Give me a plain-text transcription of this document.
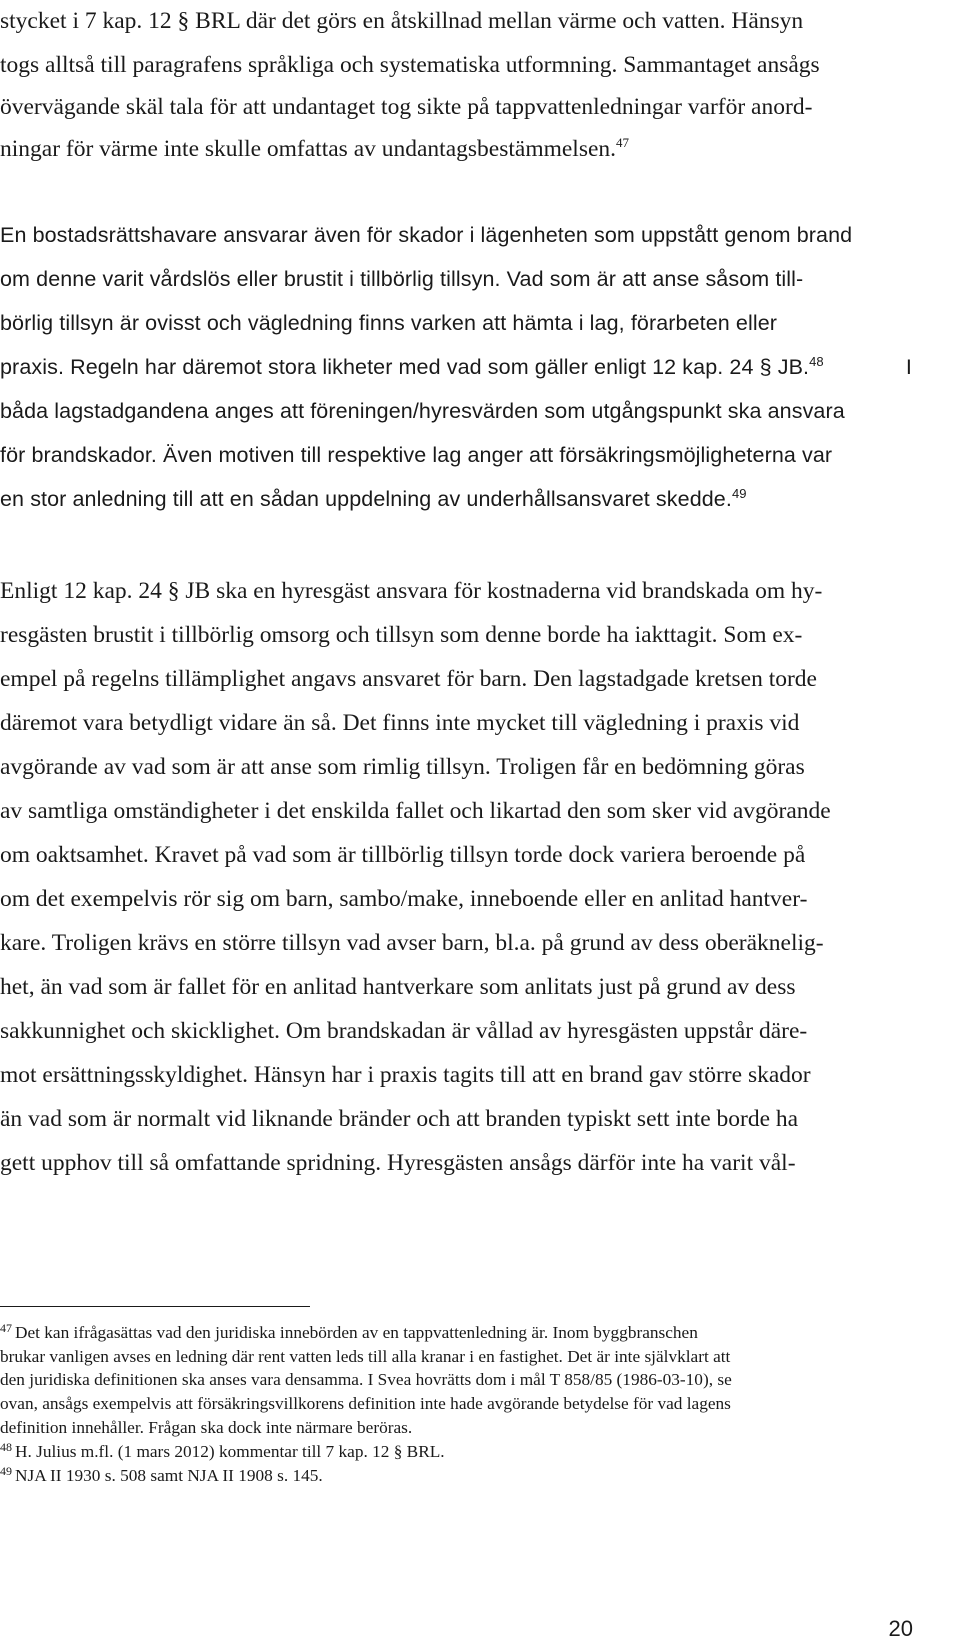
stycket i 7 kap. 12 § BRL där det görs en åtskillnad mellan värme och vatten. Hänsyn
togs alltså till paragrafens språkliga och systematiska utformning. Sammantaget ansågs
övervägande skäl tala för att undantaget tog sikte på tappvattenledningar varför anord-
ningar för värme inte skulle omfattas av undantagsbestämmelsen.$^{47}$
En bostadsrättshavare ansvarar även för skador i lägenheten som uppstått genom brand
om denne varit vårdslös eller brustit i tillbörlig tillsyn. Vad som är att anse såsom till-
börlig tillsyn är ovisst och vägledning finns varken att hämta i lag, förarbeten eller
praxis. Regeln har däremot stora likheter med vad som gäller enligt 12 kap. 24 § JB.$^{48}$	I
båda lagstadgandena anges att föreningen/hyresvärden som utgångspunkt ska ansvara
för brandskador. Även motiven till respektive lag anger att försäkringsmöjligheterna var
en stor anledning till att en sådan uppdelning av underhållsansvaret skedde.$^{49}$
Enligt 12 kap. 24 § JB ska en hyresgäst ansvara för kostnaderna vid brandskada om hy-
resgästen brustit i tillbörlig omsorg och tillsyn som denne borde ha iakttagit. Som ex-
empel på regelns tillämplighet angavs ansvaret för barn. Den lagstadgade kretsen torde
däremot vara betydligt vidare än så. Det finns inte mycket till vägledning i praxis vid
avgörande av vad som är att anse som rimlig tillsyn. Troligen får en bedömning göras
av samtliga omständigheter i det enskilda fallet och likartad den som sker vid avgörande
om oaktsamhet. Kravet på vad som är tillbörlig tillsyn torde dock variera beroende på
om det exempelvis rör sig om barn, sambo/make, inneboende eller en anlitad hantver-
kare. Troligen krävs en större tillsyn vad avser barn, bl.a. på grund av dess oberäknelig-
het, än vad som är fallet för en anlitad hantverkare som anlitats just på grund av dess
sakkunnighet och skicklighet. Om brandskadan är vållad av hyresgästen uppstår däre-
mot ersättningsskyldighet. Hänsyn har i praxis tagits till att en brand gav större skador
än vad som är normalt vid liknande bränder och att branden typiskt sett inte borde ha
gett upphov till så omfattande spridning. Hyresgästen ansågs därför inte ha varit vål-
$^{47}$ Det kan ifrågasättas vad den juridiska innebörden av en tappvattenledning är. Inom byggbranschen
brukar vanligen avses en ledning där rent vatten leds till alla kranar i en fastighet. Det är inte självklart att
den juridiska definitionen ska anses vara densamma. I Svea hovrätts dom i mål T 858/85 (1986-03-10), se
ovan, ansågs exempelvis att försäkringsvillkorens definition inte hade avgörande betydelse för vad lagens
definition innehåller. Frågan ska dock inte närmare beröras.
$^{48}$ H. Julius m.fl. (1 mars 2012) kommentar till 7 kap. 12 § BRL.
$^{49}$ NJA II 1930 s. 508 samt NJA II 1908 s. 145.
20
